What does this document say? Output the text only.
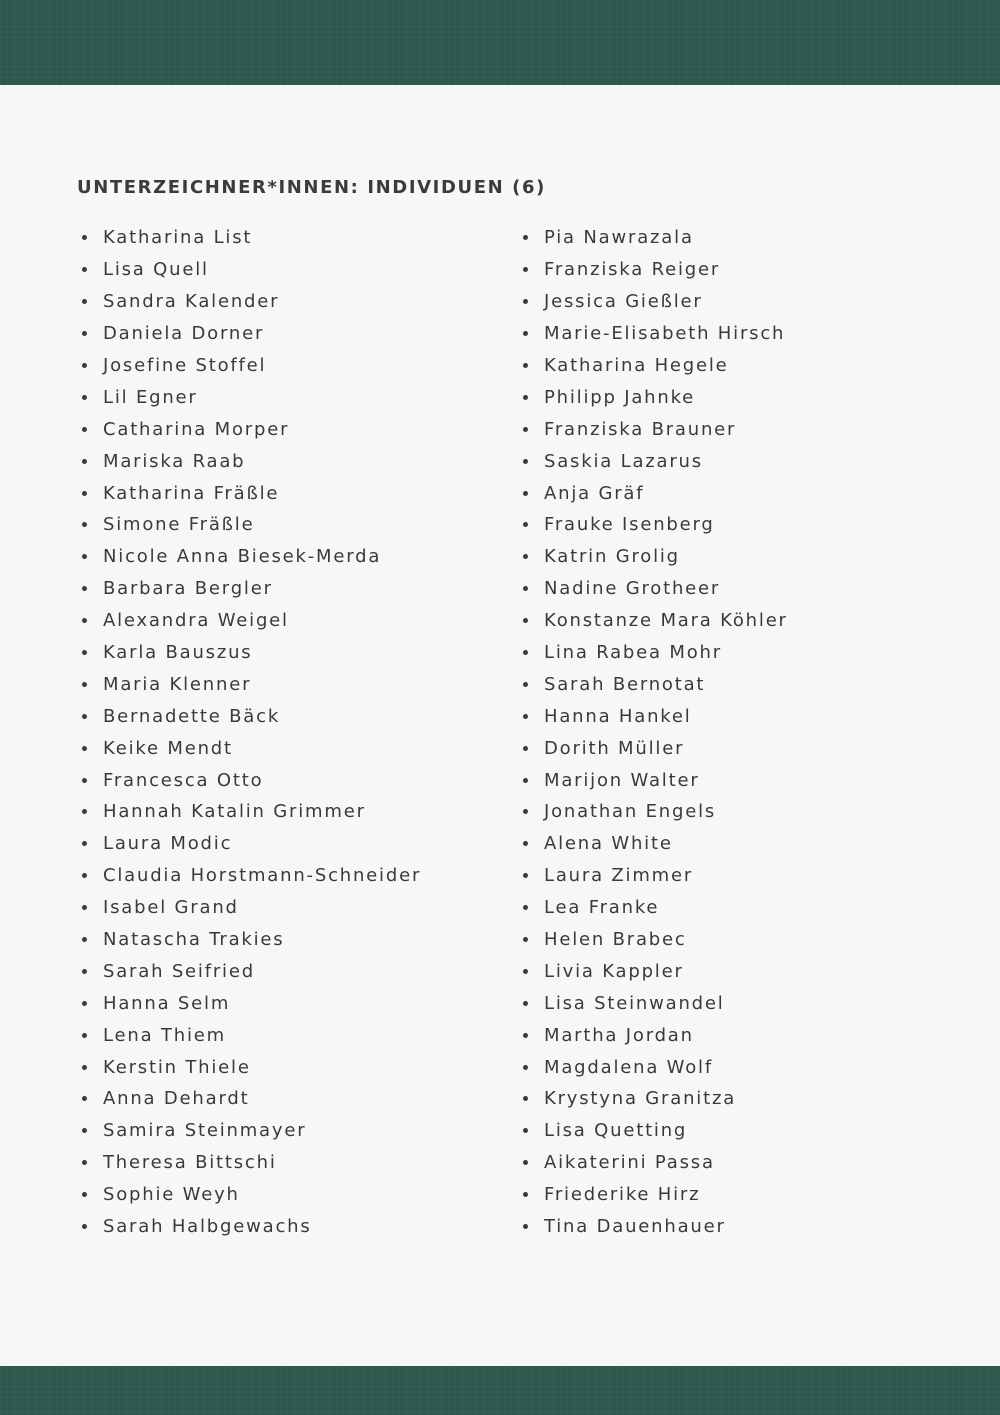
UNTERZEICHNER*INNEN: INDIVIDUEN (6)
Katharina List
Lisa Quell
Sandra Kalender
Daniela Dorner
Josefine Stoffel
Lil Egner
Catharina Morper
Mariska Raab
Katharina Fräßle
Simone Fräßle
Nicole Anna Biesek-Merda
Barbara Bergler
Alexandra Weigel
Karla Bauszus
Maria Klenner
Bernadette Bäck
Keike Mendt
Francesca Otto
Hannah Katalin Grimmer
Laura Modic
Claudia Horstmann-Schneider
Isabel Grand
Natascha Trakies
Sarah Seifried
Hanna Selm
Lena Thiem
Kerstin Thiele
Anna Dehardt
Samira Steinmayer
Theresa Bittschi
Sophie Weyh
Sarah Halbgewachs
Pia Nawrazala
Franziska Reiger
Jessica Gießler
Marie-Elisabeth Hirsch
Katharina Hegele
Philipp Jahnke
Franziska Brauner
Saskia Lazarus
Anja Gräf
Frauke Isenberg
Katrin Grolig
Nadine Grotheer
Konstanze Mara Köhler
Lina Rabea Mohr
Sarah Bernotat
Hanna Hankel
Dorith Müller
Marijon Walter
Jonathan Engels
Alena White
Laura Zimmer
Lea Franke
Helen Brabec
Livia Kappler
Lisa Steinwandel
Martha Jordan
Magdalena Wolf
Krystyna Granitza
Lisa Quetting
Aikaterini Passa
Friederike Hirz
Tina Dauenhauer
